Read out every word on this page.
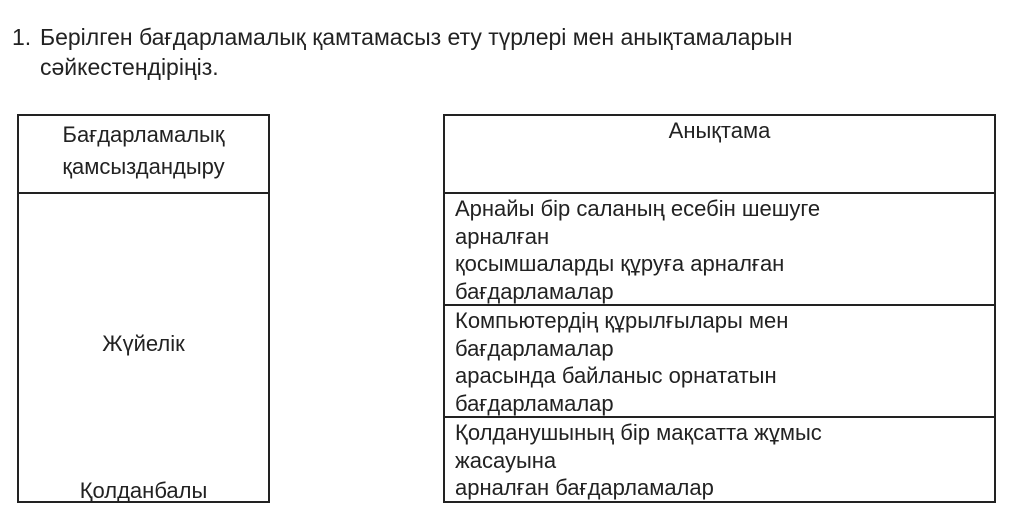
1. Берілген бағдарламалық қамтамасыз ету түрлері мен анықтамаларын сәйкестендіріңіз.
Бағдарламалық
қамсыздандыру
Жүйелік
Қолданбалы
Анықтама
Арнайы бір саланың есебін шешуге арналған
қосымшаларды құруға арналған бағдарламалар
Компьютердің құрылғылары мен бағдарламалар
арасында байланыс орнататын бағдарламалар
Қолданушының бір мақсатта жұмыс жасауына
арналған бағдарламалар
